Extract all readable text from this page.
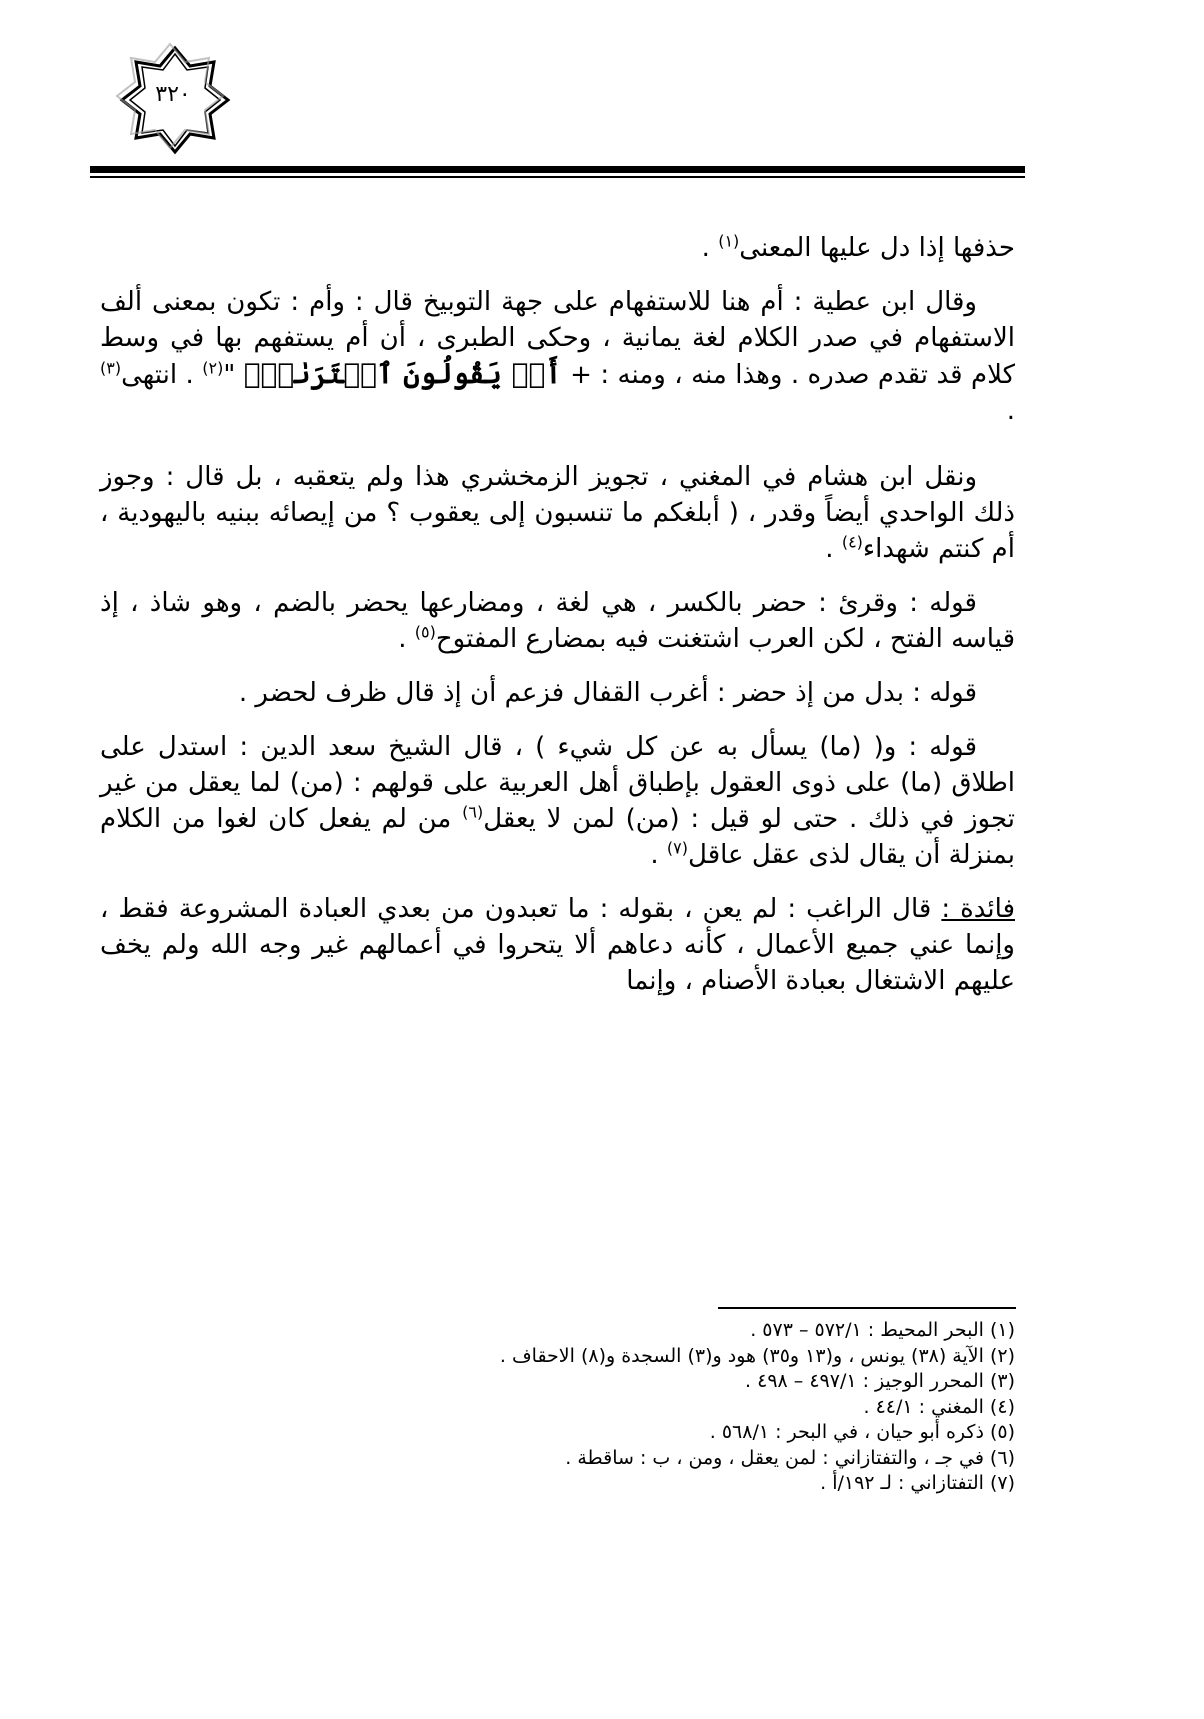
٣٢٠

حذفها إذا دل عليها المعنى$^{(١)}$ .

وقال ابن عطية : أم هنا للاستفهام على جهة التوبيخ قال : وأم : تكون بمعنى ألف الاستفهام في صدر الكلام لغة يمانية ، وحكى الطبرى ، أن أم يستفهم بها في وسط كلام قد تقدم صدره . وهذا منه ، ومنه : + أَمۡ يَقُولُونَ ٱفۡتَرَىٰهُۖ "$^{(٢)}$ . انتهى$^{(٣)}$ .

ونقل ابن هشام في المغني ، تجويز الزمخشري هذا ولم يتعقبه ، بل قال : وجوز ذلك الواحدي أيضاً وقدر ، ( أبلغكم ما تنسبون إلى يعقوب ؟ من إيصائه ببنيه باليهودية ، أم كنتم شهداء$^{(٤)}$ .

قوله : وقرئ : حضر بالكسر ، هي لغة ، ومضارعها يحضر بالضم ، وهو شاذ ، إذ قياسه الفتح ، لكن العرب اشتغنت فيه بمضارع المفتوح$^{(٥)}$ .

قوله : بدل من إذ حضر : أغرب القفال فزعم أن إذ قال ظرف لحضر .

قوله : و( (ما) يسأل به عن كل شيء ) ، قال الشيخ سعد الدين : استدل على اطلاق (ما) على ذوى العقول بإطباق أهل العربية على قولهم : (من) لما يعقل من غير تجوز في ذلك . حتى لو قيل : (من) لمن لا يعقل$^{(٦)}$ من لم يفعل كان لغوا من الكلام بمنزلة أن يقال لذى عقل عاقل$^{(٧)}$ .

فائدة : قال الراغب : لم يعن ، بقوله : ما تعبدون من بعدي العبادة المشروعة فقط ، وإنما عني جميع الأعمال ، كأنه دعاهم ألا يتحروا في أعمالهم غير وجه الله ولم يخف عليهم الاشتغال بعبادة الأصنام ، وإنما

(١) البحر المحيط : ٥٧٢/١ – ٥٧٣ .
(٢) الآية (٣٨) يونس ، و(١٣ و٣٥) هود و(٣) السجدة و(٨) الاحقاف .
(٣) المحرر الوجيز : ٤٩٧/١ – ٤٩٨ .
(٤) المغني : ٤٤/١ .
(٥) ذكره أبو حيان ، في البحر : ٥٦٨/١ .
(٦) في جـ ، والتفتازاني : لمن يعقل ، ومن ، ب : ساقطة .
(٧) التفتازاني : لـ ١٩٢/أ .
